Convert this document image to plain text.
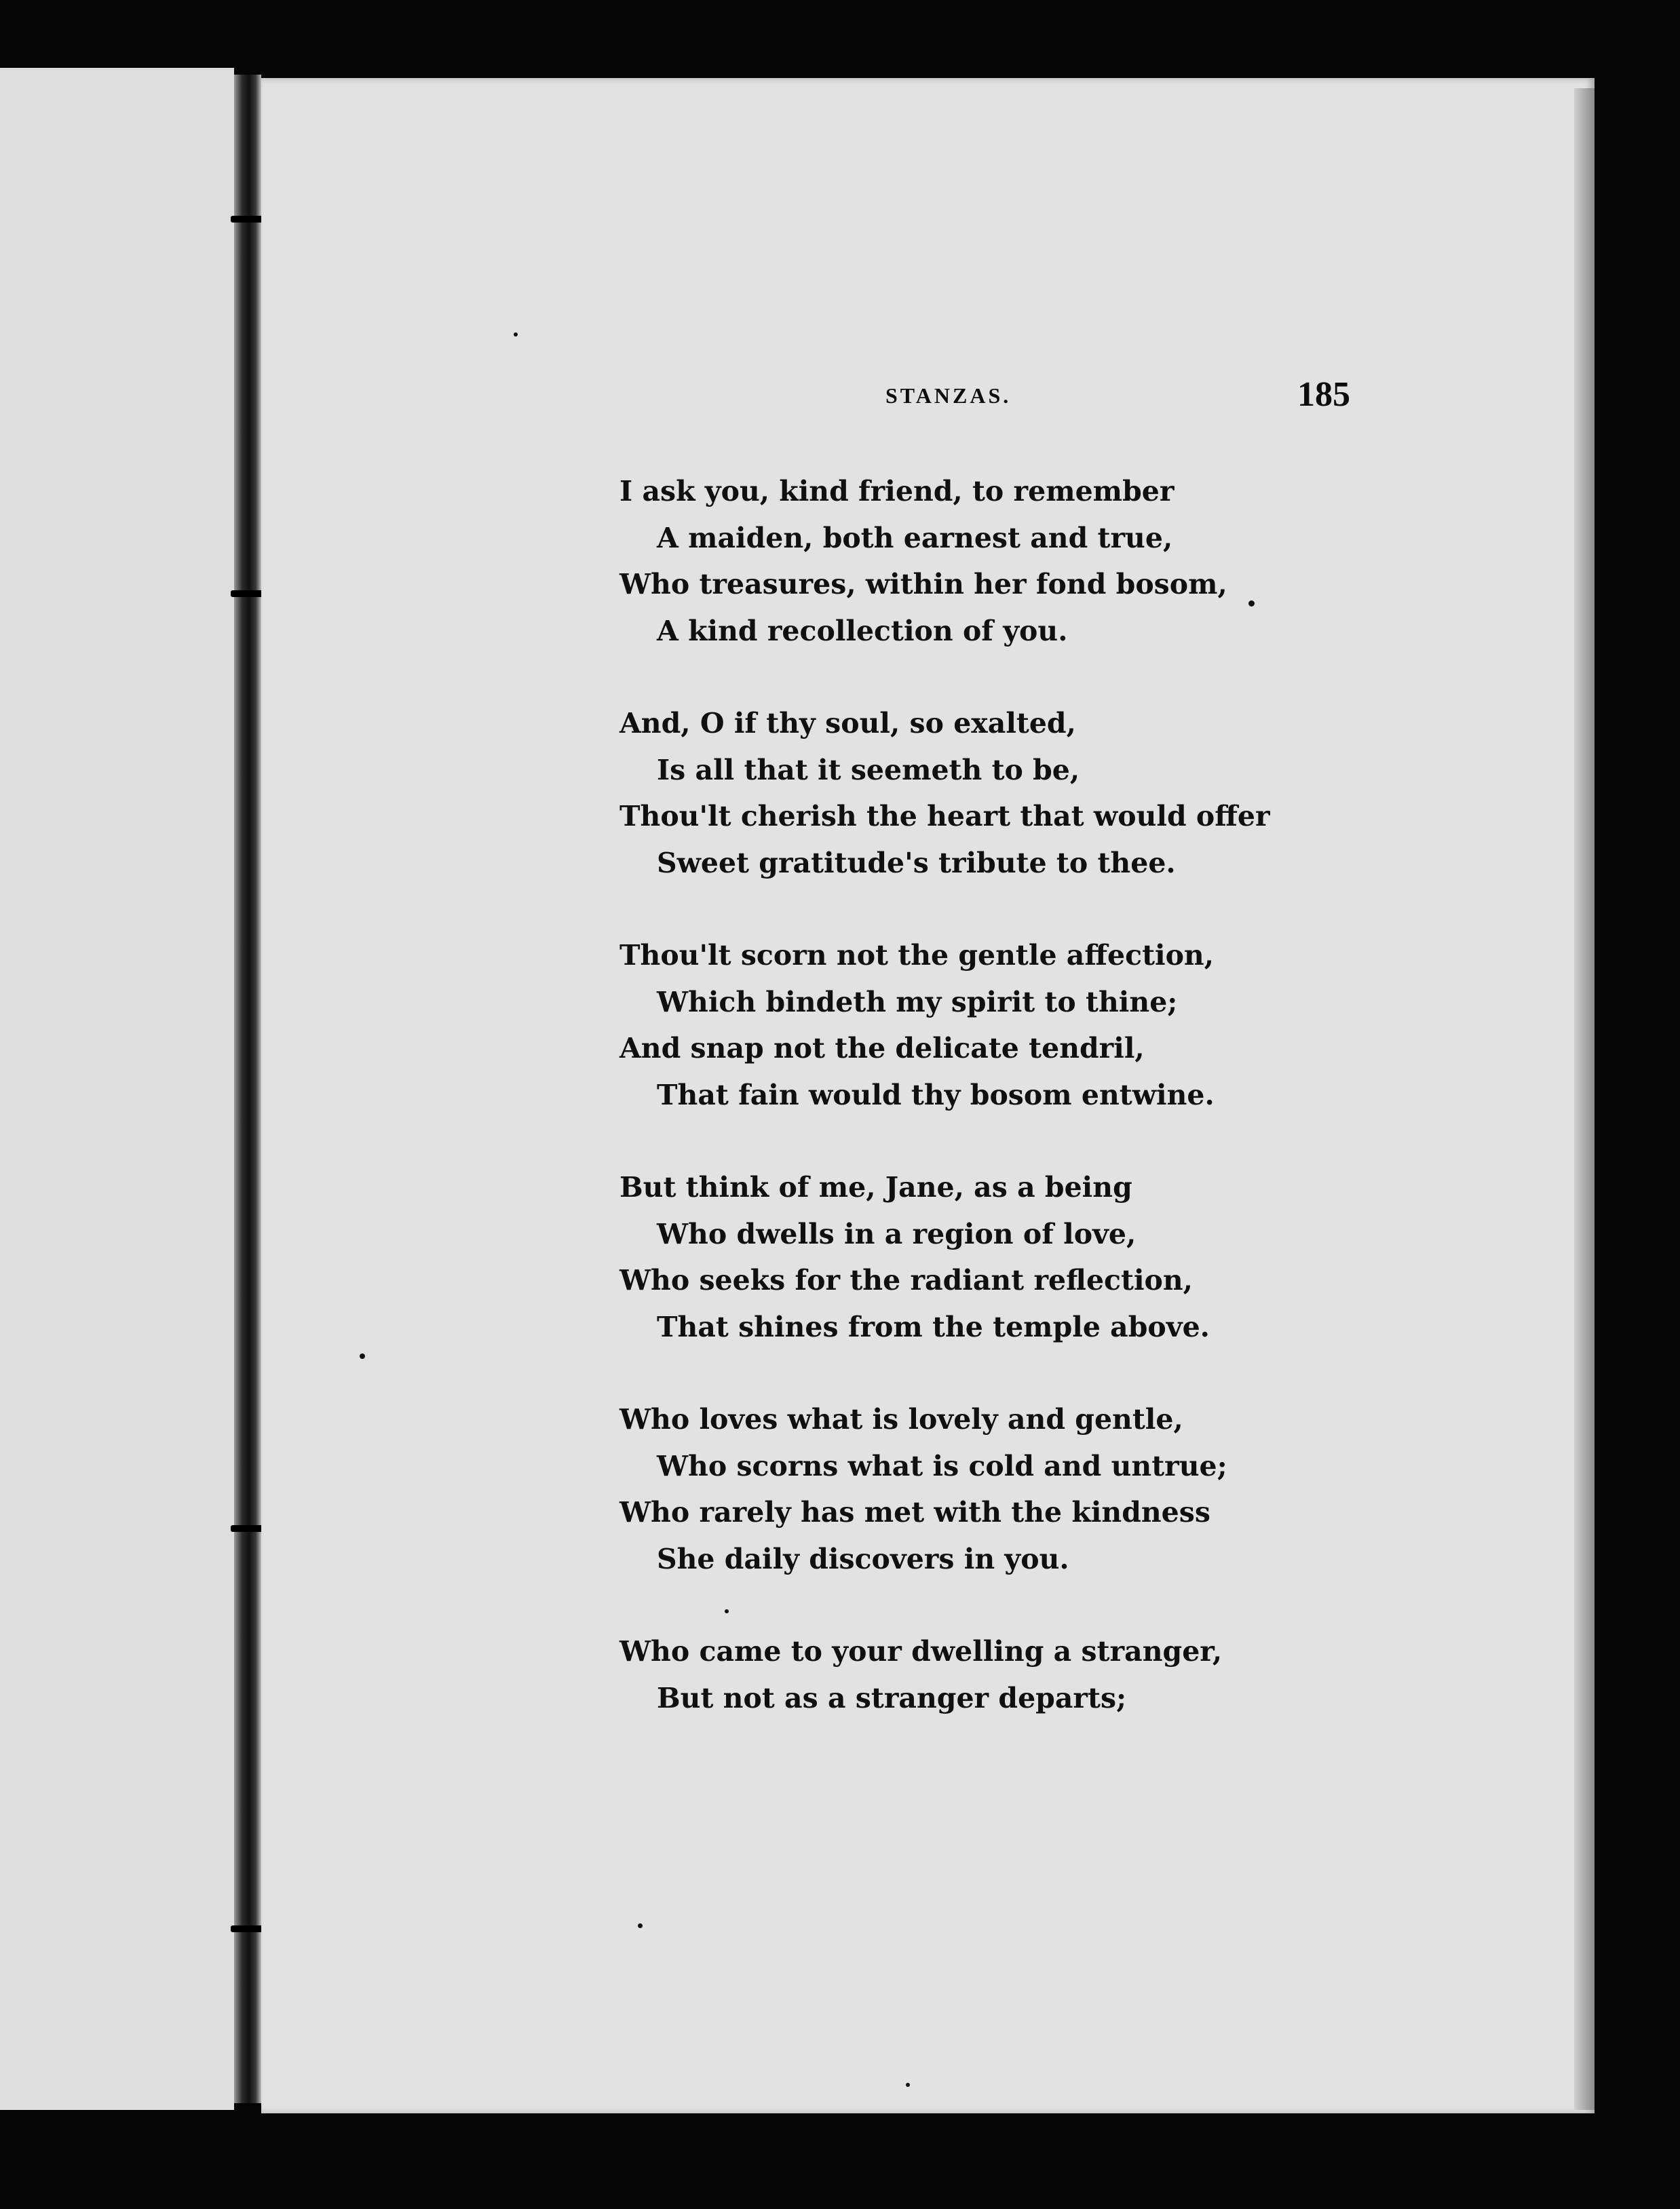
STANZAS.	185
I ask you, kind friend, to remember
A maiden, both earnest and true,
Who treasures, within her fond bosom,
A kind recollection of you.
And, O if thy soul, so exalted,
Is all that it seemeth to be,
Thou'lt cherish the heart that would offer
Sweet gratitude's tribute to thee.
Thou'lt scorn not the gentle affection,
Which bindeth my spirit to thine;
And snap not the delicate tendril,
That fain would thy bosom entwine.
But think of me, Jane, as a being
Who dwells in a region of love,
Who seeks for the radiant reflection,
That shines from the temple above.
Who loves what is lovely and gentle,
Who scorns what is cold and untrue;
Who rarely has met with the kindness
She daily discovers in you.
Who came to your dwelling a stranger,
But not as a stranger departs;
